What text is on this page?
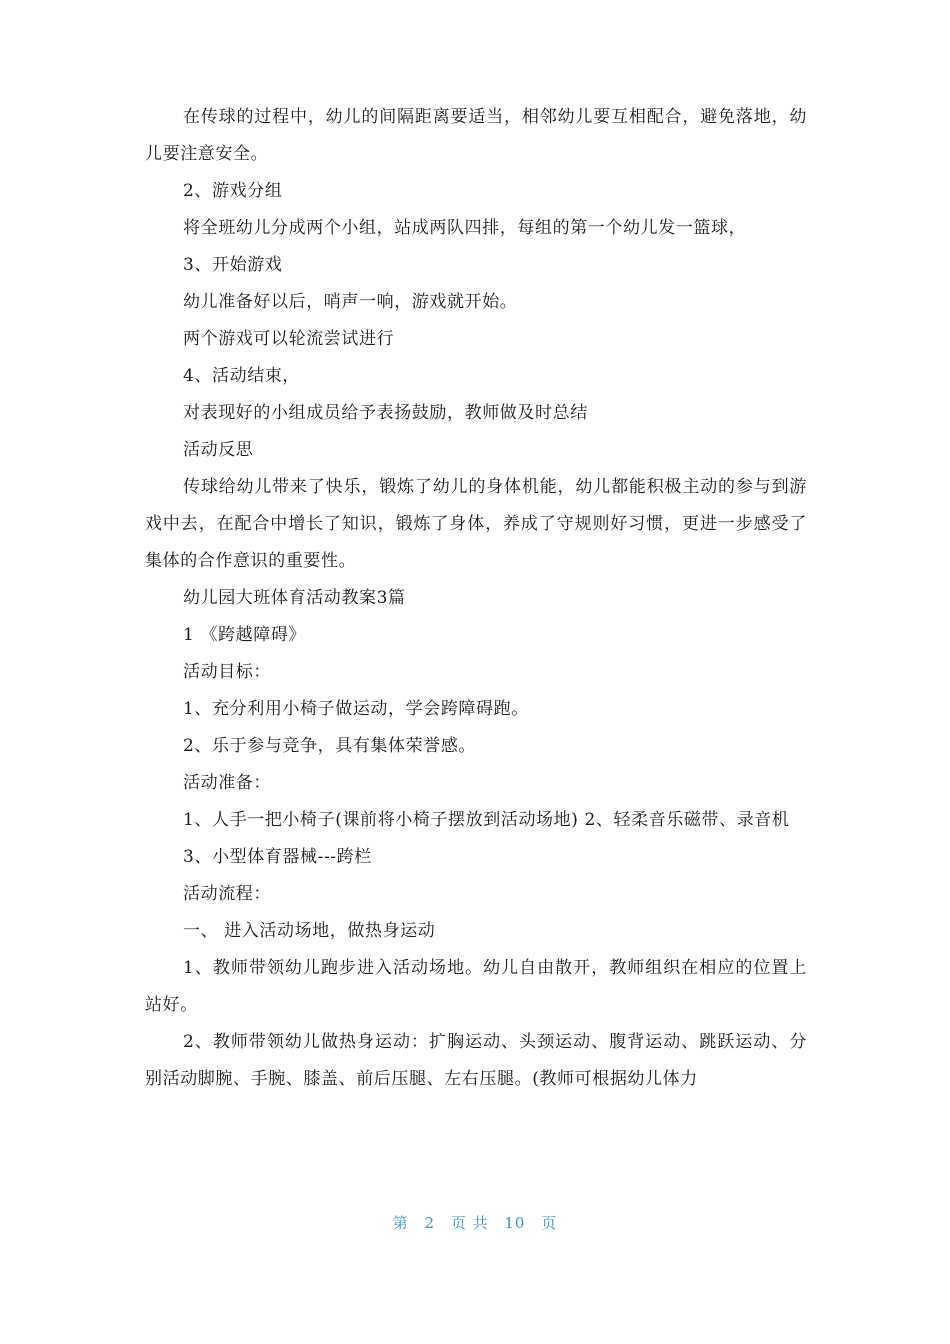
在传球的过程中，幼儿的间隔距离要适当，相邻幼儿要互相配合，避免落地，幼儿要注意安全。

2、游戏分组

将全班幼儿分成两个小组，站成两队四排，每组的第一个幼儿发一篮球，

3、开始游戏

幼儿准备好以后，哨声一响，游戏就开始。

两个游戏可以轮流尝试进行

4、活动结束，

对表现好的小组成员给予表扬鼓励，教师做及时总结

活动反思

传球给幼儿带来了快乐，锻炼了幼儿的身体机能，幼儿都能积极主动的参与到游戏中去，在配合中增长了知识，锻炼了身体，养成了守规则好习惯，更进一步感受了集体的合作意识的重要性。

幼儿园大班体育活动教案3篇

1 《跨越障碍》

活动目标：

1、充分利用小椅子做运动，学会跨障碍跑。

2、乐于参与竞争，具有集体荣誉感。

活动准备：

1、人手一把小椅子(课前将小椅子摆放到活动场地) 2、轻柔音乐磁带、录音机

3、小型体育器械---跨栏

活动流程：

一、 进入活动场地，做热身运动

1、教师带领幼儿跑步进入活动场地。幼儿自由散开，教师组织在相应的位置上站好。

2、教师带领幼儿做热身运动：扩胸运动、头颈运动、腹背运动、跳跃运动、分别活动脚腕、手腕、膝盖、前后压腿、左右压腿。(教师可根据幼儿体力

第 2 页 共 10 页
